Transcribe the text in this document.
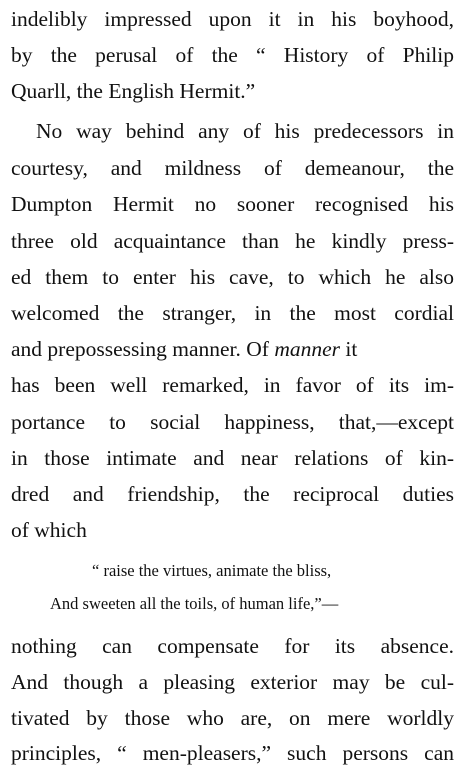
indelibly impressed upon it in his boyhood,
by the perusal of the “ History of Philip
Quarll, the English Hermit.”
No way behind any of his predecessors in
courtesy, and mildness of demeanour, the
Dumpton Hermit no sooner recognised his
three old acquaintance than he kindly press-
ed them to enter his cave, to which he also
welcomed the stranger, in the most cordial
and prepossessing manner. Of manner it
has been well remarked, in favor of its im-
portance to social happiness, that,—except
in those intimate and near relations of kin-
dred and friendship, the reciprocal duties
of which
“ raise the virtues, animate the bliss,
And sweeten all the toils, of human life,”—
nothing can compensate for its absence.
And though a pleasing exterior may be cul-
tivated by those who are, on mere worldly
principles, “ men-pleasers,” such persons can
